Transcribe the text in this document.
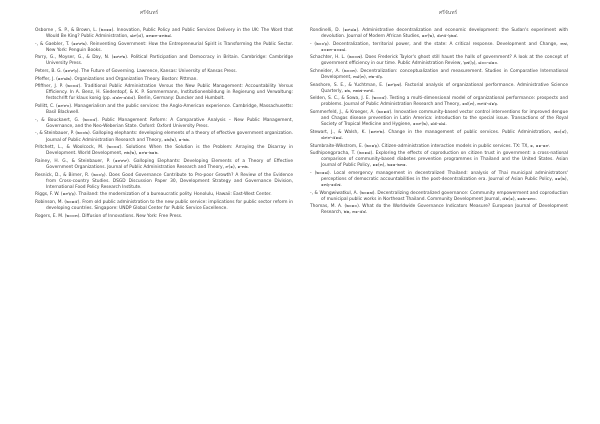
ศรีจันทร์	ศรีจันทร์

Osborne , S. P., & Brown, L. (๒๐๑๑). Innovation, Public Policy and Public Services Delivery in the UK: The Word that Would Be King? Public Administration, ๘๙(๔), ๑๓๑๓-๑๓๒๘.

-, & Gaebler, T. (๑๙๙๒). Reinventing Government: How the Entrepreneurial Spirit is Transforming the Public Sector. New York: Penguin Books.

Parry, G., Moyser, G., & Day, N. (๑๙๙๒). Political Participation and Democracy in Britain. Cambridge: Cambridge University Press.

Peters, B. G. (๑๙๙๖). The Future of Governing. Lawrence, Kansas: University of Kansas Press.

Pfeffer, J. (๑๙๘๒). Organizations and Organization Theory. Boston: Pittman.

Pfiffner, J. P. (๒๐๐๔). Traditional Public Administration Versus the New Public Management: Accountability Versus Efficiency. In A. Benz, H. Siedentopf, & K. P. Sommermann, Institutionenbildung in Regierung und Verwaltung: festschrift fur klaus konig (pp. ๔๔๓-๔๕๔). Berlin, Germany: Duncker and Humbolt.

Pollitt, C. (๑๙๙๐). Managerialism and the public services: the Anglo-American experience. Cambridge, Massachusetts: Basil Blackwell.

-, & Bouckaert, G. (๒๐๐๔). Public Management Reform: A Comparative Analysis – New Public Management, Governance, and the Neo-Weberian State. Oxford: Oxford University Press.

-, & Steinbauer, P. (๒๐๐๒). Galloping elephants: developing elements of a theory of effective government organization. Journal of Public Administration Research and Theory, ๑๒(๒), ๑-๒๒.

Pritchett, L., & Woolcock, M. (๒๐๐๔). Solutions When the Solution is the Problem: Arraying the Disarray in Development. World Development, ๓๒(๒), ๑๙๑-๒๑๒.

Rainey, H. G., & Steinbauer, P. (๑๙๙๙). Galloping Elephants: Developing Elements of a Theory of Effective Government Organizations. Journal of Public Administration Research and Theory, ๙(๑), ๑-๓๒.

Resnick, D., & Birner, R. (๒๐๐๖). Does Good Governance Contribute to Pro-poor Growth? A Review of the Evidence from Cross-country Studies. DSGD Discussion Paper 30, Development Strategy and Governance Division, International Food Policy Research Institute.

Riggs, F. W. (๑๙๖๖). Thailand: the modernization of a bureaucratic polity. Honolulu, Hawaii: East-West Center.

Robinson, M. (๒๐๑๕). From old public administration to the new public service: implications for public sector reform in developing countries. Singapore: UNDP Global Center for Public Service Excellence.

Rogers, E. M. (๒๐๐๓). Diffusion of Innovations. New York: Free Press.

Rondinelli, D. (๑๙๘๑). Administrative decentralization and economic development: the Sudan's experiment with devolution. Journal of Modern African Studies, ๑๙(๒), ๕๙๕-๖๒๔.

- (๒๐๐๖). Decentralization, territorial power, and the state: A critical response. Development and Change, ๓๗, ๑๐๑๓-๑๐๑๘.

Schachter, H. L. (๒๐๐๗). Does Frederick Taylor's ghost still haunt the halls of government? A look at the concept of government efficiency in our time. Public Administration Review, ๖๗(๖), ๘๐๐-๘๑๐.

Schneider, A. (๒๐๐๓). Decentralization: conceptualization and measurement. Studies in Comparative International Development, ๓๘(๓), ๓๒-๕๖.

Seashore, S. E., & Yuchtman, E. (๑๙๖๗). Factorial analysis of organizational performance. Administrative Science Quarterly, ๑๒, ๓๗๗-๓๙๕.

Selden, S. C., & Sowa, J. E. (๒๐๐๔). Testing a multi-dimensional model of organizational performance: prospects and problems. Journal of Public Administration Research and Theory, ๑๔(๓), ๓๙๕-๔๑๖.

Sommerfeld, J., & Kroeger, A. (๒๐๑๕). Innovative community-based vector control interventions for improved dengue and Chagas disease prevention in Latin America: introduction to the special issue. Transactions of the Royal Society of Tropical Medicine and Hygiene, ๑๐๙(๒), ๘๕-๘๘.

Stewart, J., & Walsh, K. (๑๙๙๒). Change in the management of public services. Public Administration, ๗๐(๔), ๔๙๙-๕๑๘.

Stumbraite-Wikstrom, E. (๒๐๑๖). Citizen-administration interaction models in public services. TX: TX, ๑, ๑๑-๑๙.

Sudhipongpracha, T. (๒๐๑๘). Exploring the effects of coproduction on citizen trust in government: a cross-national comparison of community-based diabetes prevention programmes in Thailand and the United States. Asian Journal of Public Policy, ๑๑(๓), ๒๑๑-๒๓๑.

- (๒๐๑๘). Local emergency management in decentralized Thailand: analysis of Thai municipal administrators' perceptions of democratic accountabilities in the post-decentralization era. Journal of Asian Public Policy, ๑๑(๒), ๑๓๖-๑๕๗.

-, & Wongwiwatkul, A. (๒๐๑๗). Decentralizing decentralized governance: Community empowerment and coproduction of municipal public works in Northeast Thailand. Community Development Journal, ๕๒(๑), ๑๑๒-๑๓๐.

Thomas, M. A. (๒๐๑๐). What do the Worldwide Governance Indicators Measure? European Journal of Development Research, ๒๒, ๓๑-๕๔.
